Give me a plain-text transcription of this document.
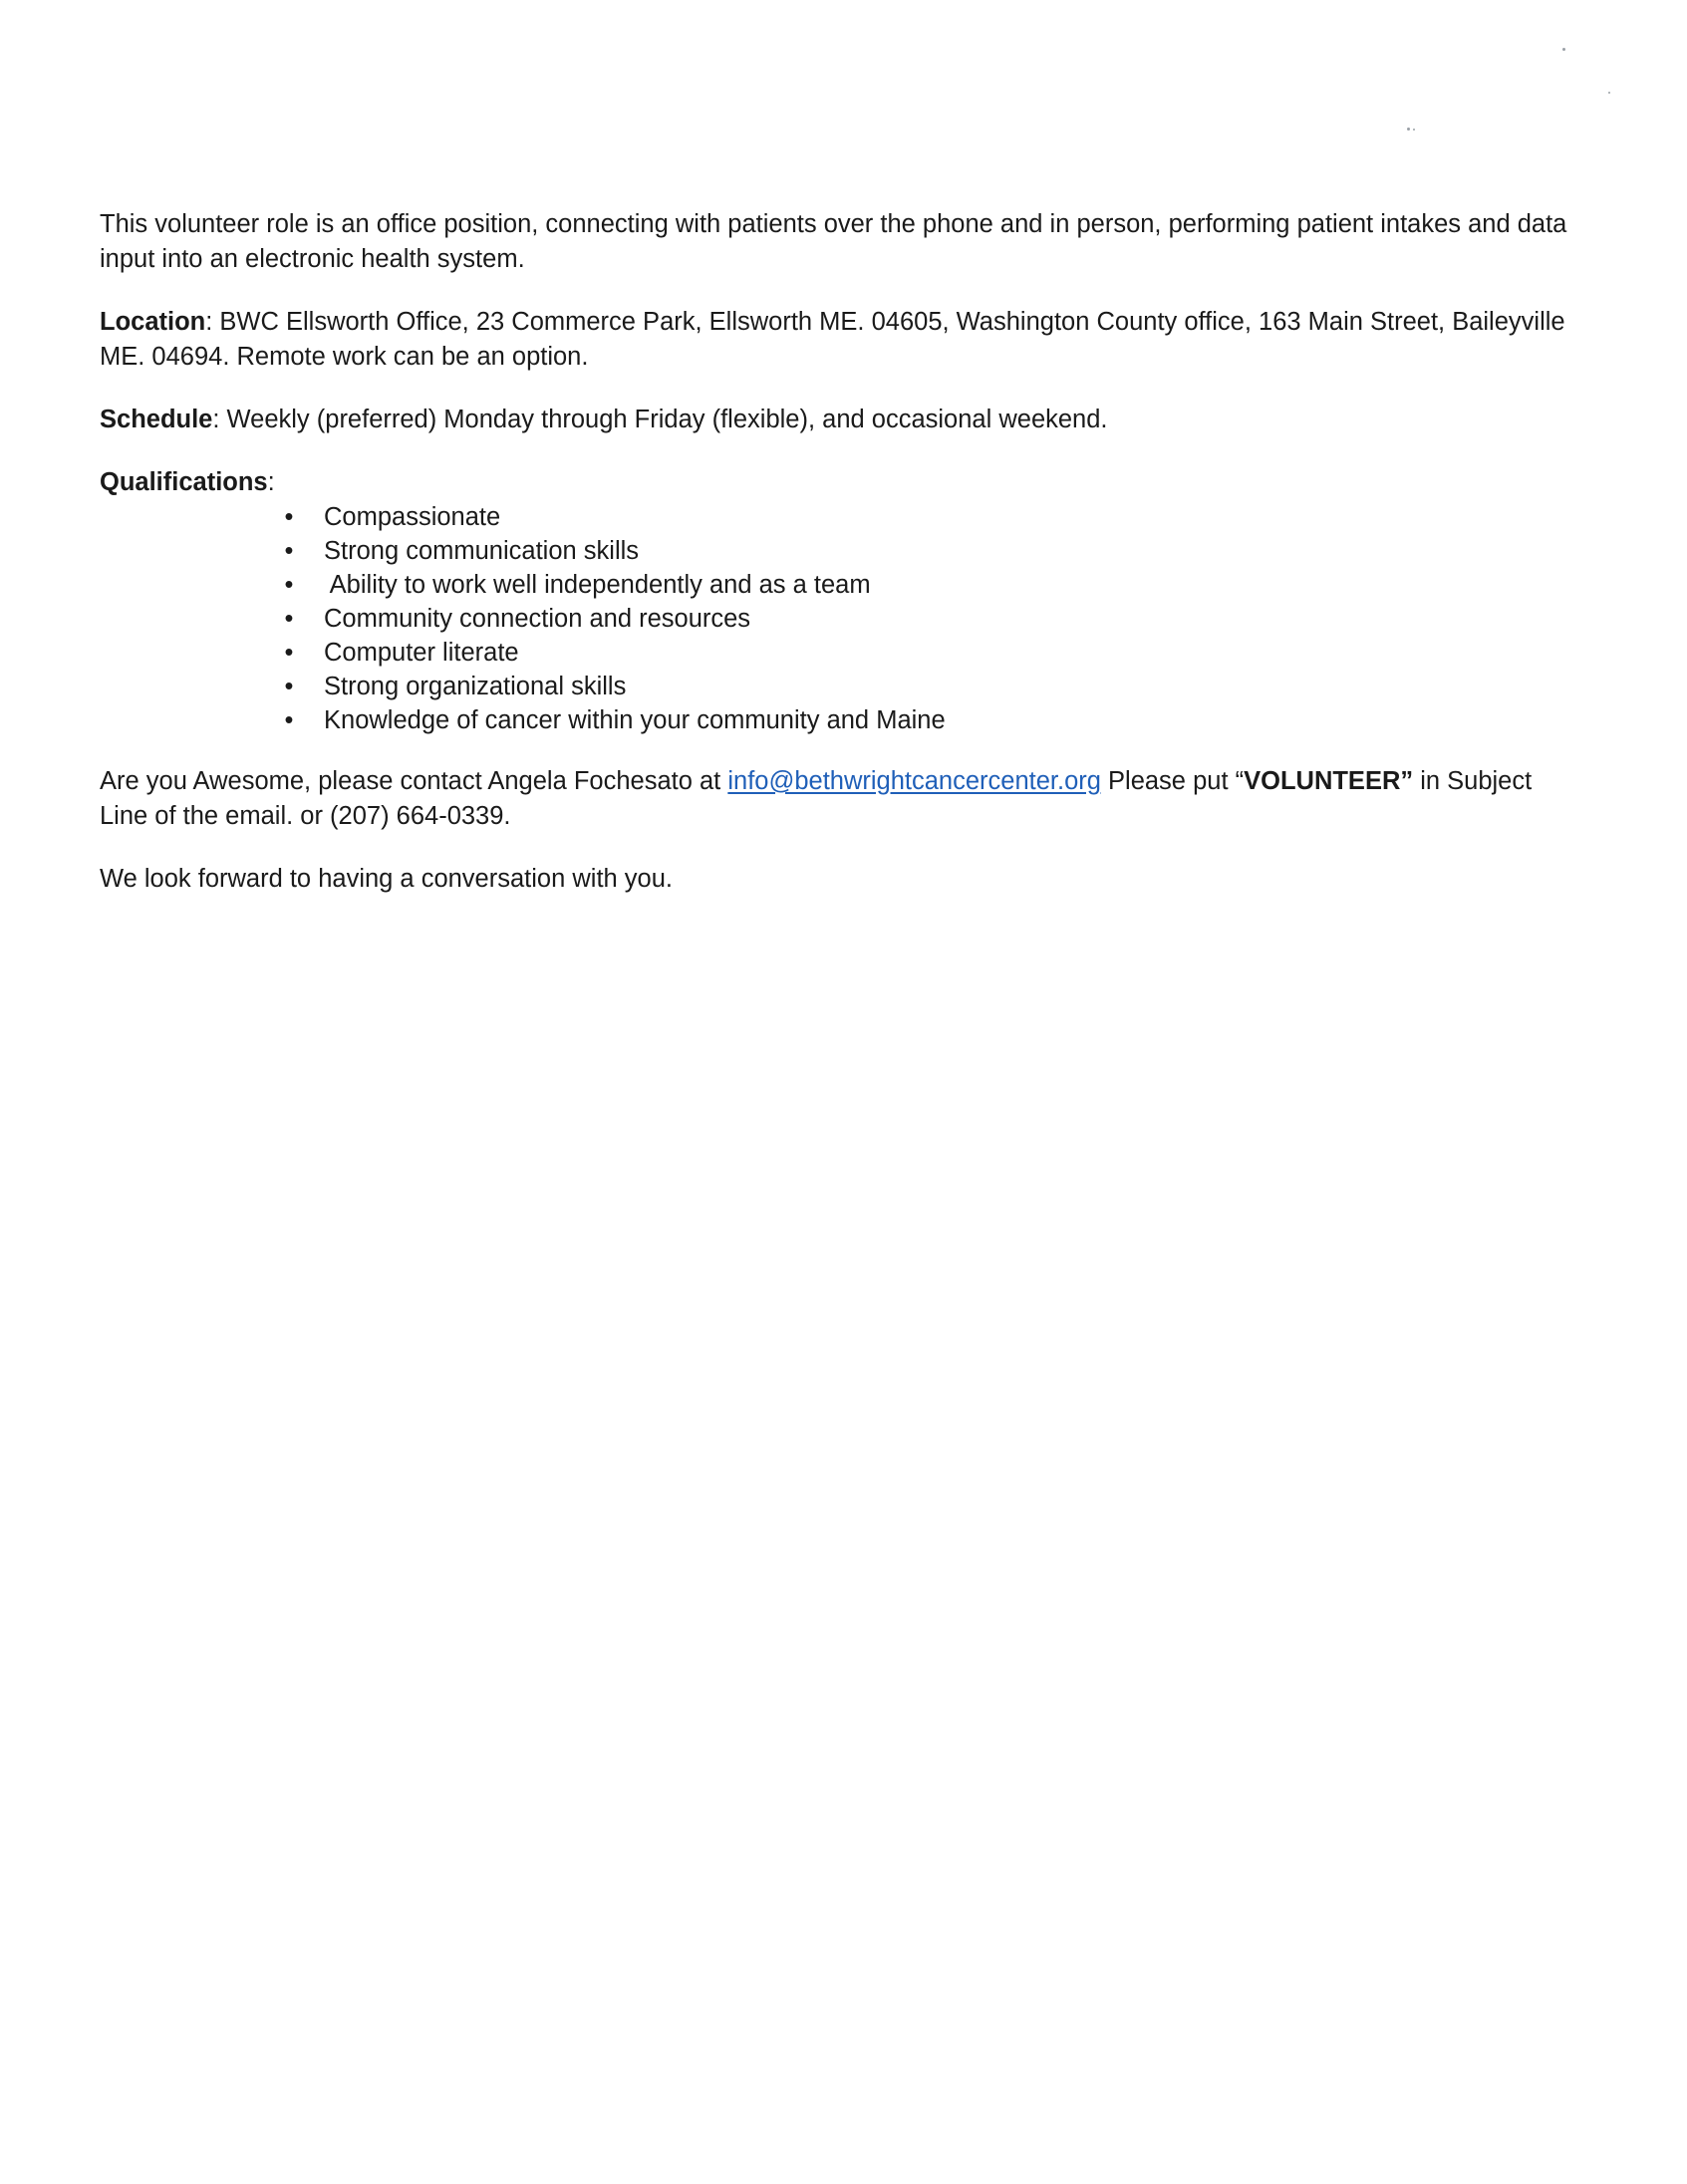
This volunteer role is an office position, connecting with patients over the phone and in person, performing patient intakes and data input into an electronic health system.

Location: BWC Ellsworth Office, 23 Commerce Park, Ellsworth ME. 04605, Washington County office, 163 Main Street, Baileyville ME. 04694. Remote work can be an option.

Schedule: Weekly (preferred) Monday through Friday (flexible), and occasional weekend.

Qualifications:

• Compassionate
• Strong communication skills
• Ability to work well independently and as a team
• Community connection and resources
• Computer literate
• Strong organizational skills
• Knowledge of cancer within your community and Maine

Are you Awesome, please contact Angela Fochesato at info@bethwrightcancercenter.org Please put “VOLUNTEER” in Subject Line of the email. or (207) 664-0339.

We look forward to having a conversation with you.
